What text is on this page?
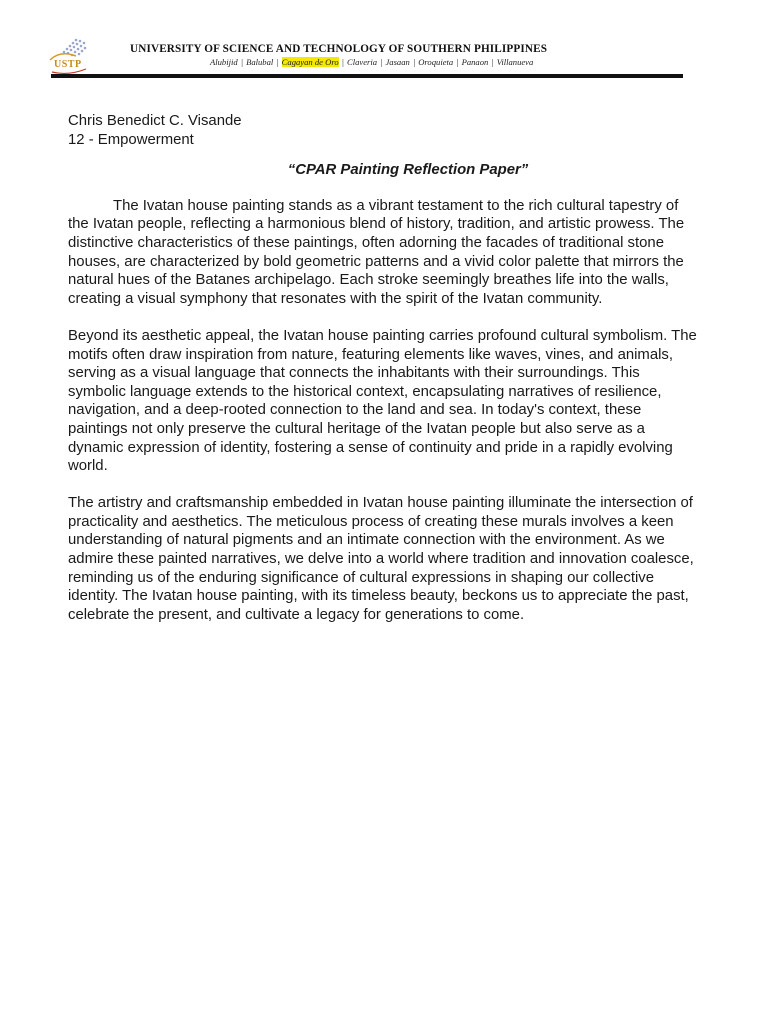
USTP
UNIVERSITY OF SCIENCE AND TECHNOLOGY OF SOUTHERN PHILIPPINES
Alubijid | Balubal | Cagayan de Oro | Claveria | Jasaan | Oroquieta | Panaon | Villanueva
Chris Benedict C. Visande
12 - Empowerment
“CPAR Painting Reflection Paper”

The Ivatan house painting stands as a vibrant testament to the rich cultural tapestry of the Ivatan people, reflecting a harmonious blend of history, tradition, and artistic prowess. The distinctive characteristics of these paintings, often adorning the facades of traditional stone houses, are characterized by bold geometric patterns and a vivid color palette that mirrors the natural hues of the Batanes archipelago. Each stroke seemingly breathes life into the walls, creating a visual symphony that resonates with the spirit of the Ivatan community.

Beyond its aesthetic appeal, the Ivatan house painting carries profound cultural symbolism. The motifs often draw inspiration from nature, featuring elements like waves, vines, and animals, serving as a visual language that connects the inhabitants with their surroundings. This symbolic language extends to the historical context, encapsulating narratives of resilience, navigation, and a deep-rooted connection to the land and sea. In today's context, these paintings not only preserve the cultural heritage of the Ivatan people but also serve as a dynamic expression of identity, fostering a sense of continuity and pride in a rapidly evolving world.

The artistry and craftsmanship embedded in Ivatan house painting illuminate the intersection of practicality and aesthetics. The meticulous process of creating these murals involves a keen understanding of natural pigments and an intimate connection with the environment. As we admire these painted narratives, we delve into a world where tradition and innovation coalesce, reminding us of the enduring significance of cultural expressions in shaping our collective identity. The Ivatan house painting, with its timeless beauty, beckons us to appreciate the past, celebrate the present, and cultivate a legacy for generations to come.
